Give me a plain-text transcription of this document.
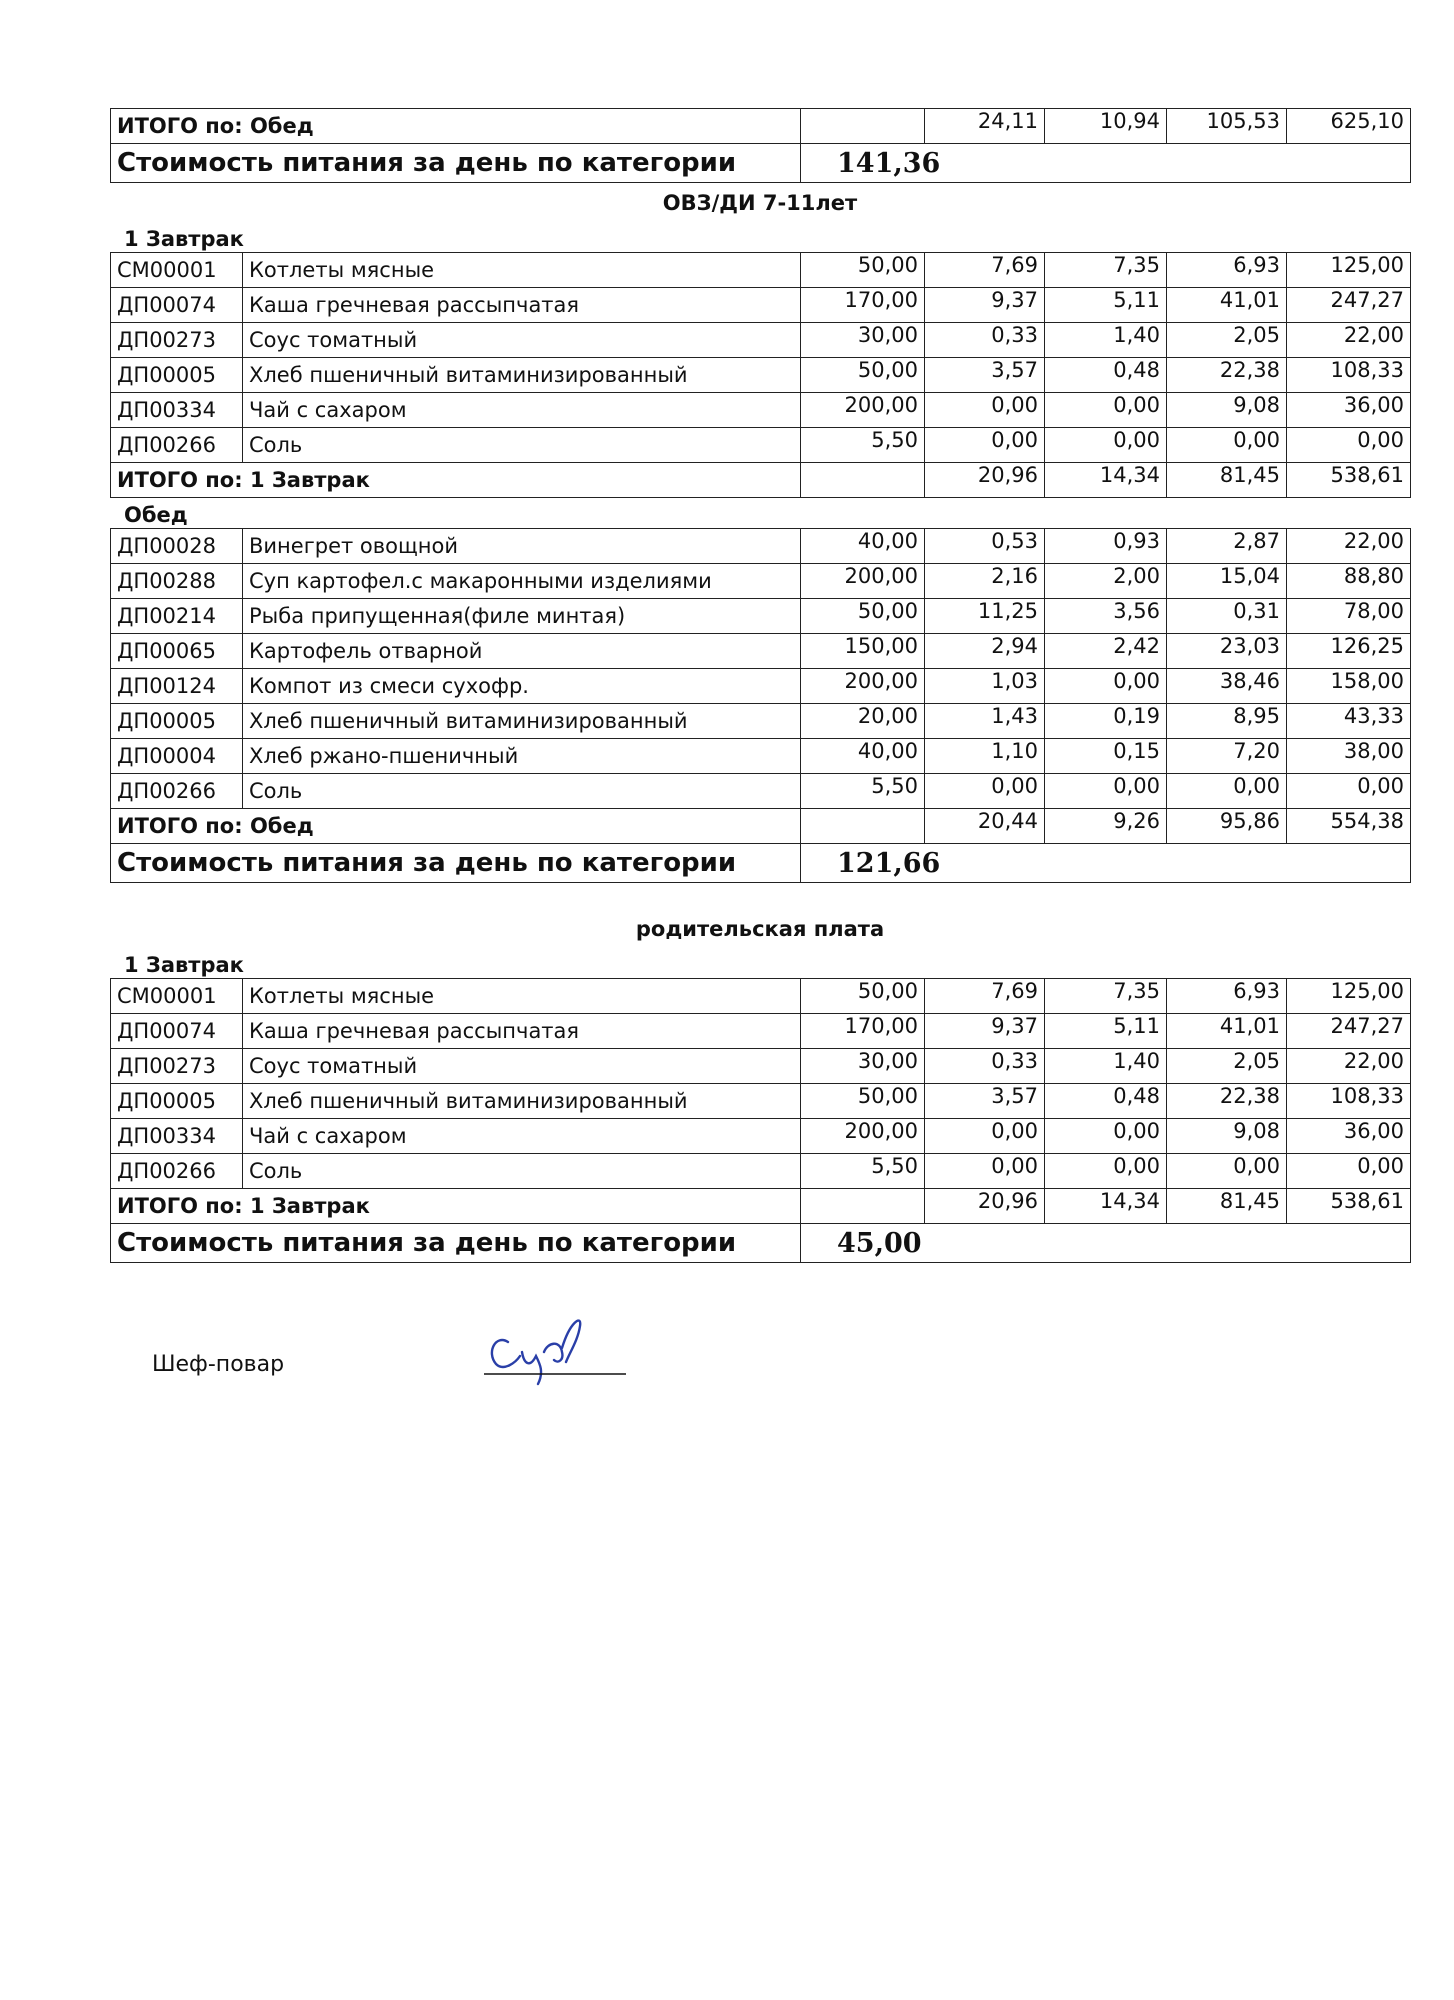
ИТОГО по: Обед		24,11	10,94	105,53	625,10
Стоимость питания за день по категории	141,36				
ОВЗ/ДИ 7-11лет
1 Завтрак
СМ00001	Котлеты мясные	50,00	7,69	7,35	6,93	125,00
ДП00074	Каша гречневая рассыпчатая	170,00	9,37	5,11	41,01	247,27
ДП00273	Соус томатный	30,00	0,33	1,40	2,05	22,00
ДП00005	Хлеб пшеничный витаминизированный	50,00	3,57	0,48	22,38	108,33
ДП00334	Чай с сахаром	200,00	0,00	0,00	9,08	36,00
ДП00266	Соль	5,50	0,00	0,00	0,00	0,00
ИТОГО по: 1 Завтрак			20,96	14,34	81,45	538,61
Обед
ДП00028	Винегрет овощной	40,00	0,53	0,93	2,87	22,00
ДП00288	Суп картофел.с макаронными изделиями	200,00	2,16	2,00	15,04	88,80
ДП00214	Рыба припущенная(филе минтая)	50,00	11,25	3,56	0,31	78,00
ДП00065	Картофель отварной	150,00	2,94	2,42	23,03	126,25
ДП00124	Компот из смеси сухофр.	200,00	1,03	0,00	38,46	158,00
ДП00005	Хлеб пшеничный витаминизированный	20,00	1,43	0,19	8,95	43,33
ДП00004	Хлеб ржано-пшеничный	40,00	1,10	0,15	7,20	38,00
ДП00266	Соль	5,50	0,00	0,00	0,00	0,00
ИТОГО по: Обед			20,44	9,26	95,86	554,38
Стоимость питания за день по категории		121,66				
родительская плата
1 Завтрак
СМ00001	Котлеты мясные	50,00	7,69	7,35	6,93	125,00
ДП00074	Каша гречневая рассыпчатая	170,00	9,37	5,11	41,01	247,27
ДП00273	Соус томатный	30,00	0,33	1,40	2,05	22,00
ДП00005	Хлеб пшеничный витаминизированный	50,00	3,57	0,48	22,38	108,33
ДП00334	Чай с сахаром	200,00	0,00	0,00	9,08	36,00
ДП00266	Соль	5,50	0,00	0,00	0,00	0,00
ИТОГО по: 1 Завтрак			20,96	14,34	81,45	538,61
Стоимость питания за день по категории		45,00				
Шеф-повар
